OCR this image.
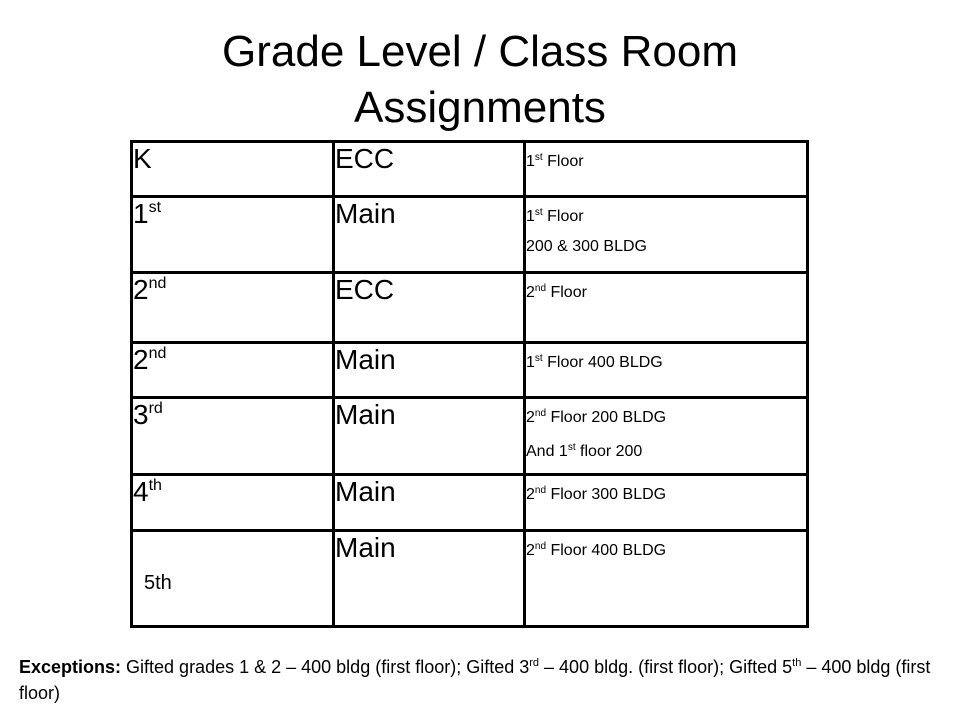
Grade Level / Class Room
Assignments
K	ECC	1st Floor

1st	Main	1st Floor
200 & 300 BLDG

2nd	ECC	2nd Floor

2nd	Main	1st Floor 400 BLDG

3rd	Main	2nd Floor 200 BLDG
And 1st floor 200

4th	Main	2nd Floor 300 BLDG

5th	Main	2nd Floor 400 BLDG
Exceptions: Gifted grades 1 & 2 – 400 bldg (first floor); Gifted 3rd – 400 bldg. (first floor); Gifted 5th – 400 bldg (first floor)
